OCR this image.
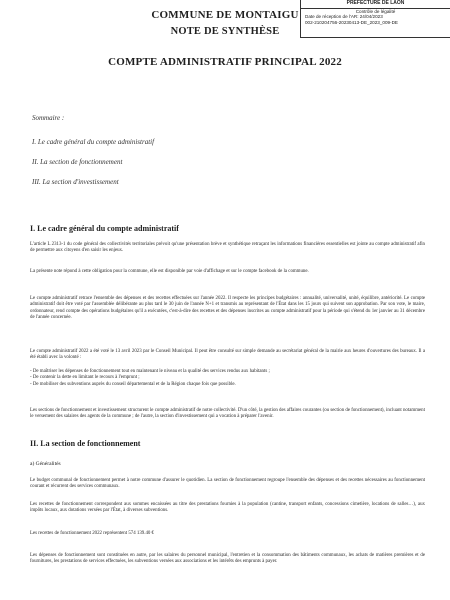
PREFECTURE DE LAON
Contrôle de légalité
Date de réception de l'AR: 24/04/2023
002-210204756-20230413-DE_2023_009-DE
COMMUNE DE MONTAIGU
NOTE DE SYNTHÈSE
COMPTE ADMINISTRATIF PRINCIPAL 2022
Sommaire :
I. Le cadre général du compte administratif
II. La section de fonctionnement
III. La section d'investissement
I. Le cadre général du compte administratif
L'article L 2313-1 du code général des collectivités territoriales prévoit qu'une présentation brève et synthétique retraçant les informations financières essentielles est jointe au compte administratif afin de permettre aux citoyens d'en saisir les enjeux.
La présente note répond à cette obligation pour la commune, elle est disponible par voie d'affichage et sur le compte facebook de la commune.
Le compte administratif retrace l'ensemble des dépenses et des recettes effectuées sur l'année 2022. Il respecte les principes budgétaires : annualité, universalité, unité, équilibre, antériorité. Le compte administratif doit être voté par l'assemblée délibérante au plus tard le 30 juin de l'année N+1 et transmis au représentant de l'État dans les 15 jours qui suivent son approbation. Par son vote, le maire, ordonnateur, rend compte des opérations budgétaires qu'il a exécutées, c'est-à-dire des recettes et des dépenses inscrites au compte administratif pour la période qui s'étend du 1er janvier au 31 décembre de l'année concernée.
Le compte administratif 2022 a été voté le 13 avril 2023 par le Conseil Municipal. Il peut être consulté sur simple demande au secrétariat général de la mairie aux heures d'ouvertures des bureaux. Il a été établi avec la volonté :
- De maîtriser les dépenses de fonctionnement tout en maintenant le niveau et la qualité des services rendus aux habitants ;
- De contenir la dette en limitant le recours à l'emprunt ;
- De mobiliser des subventions auprès du conseil départemental et de la Région chaque fois que possible.
Les sections de fonctionnement et investissement structurent le compte administratif de notre collectivité. D'un côté, la gestion des affaires courantes (ou section de fonctionnement), incluant notamment le versement des salaires des agents de la commune ; de l'autre, la section d'investissement qui a vocation à préparer l'avenir.
II. La section de fonctionnement
a) Généralités
Le budget communal de fonctionnement permet à notre commune d'assurer le quotidien. La section de fonctionnement regroupe l'ensemble des dépenses et des recettes nécessaires au fonctionnement courant et récurrent des services communaux.
Les recettes de fonctionnement correspondent aux sommes encaissées au titre des prestations fournies à la population (cantine, transport enfants, concessions cimetière, locations de salles…), aux impôts locaux, aux dotations versées par l'État, à diverses subventions.
Les recettes de fonctionnement 2022 représentent 574 139.40 €
Les dépenses de fonctionnement sont constituées en autre, par les salaires du personnel municipal, l'entretien et la consommation des bâtiments communaux, les achats de matières premières et de fournitures, les prestations de services effectuées, les subventions versées aux associations et les intérêts des emprunts à payer.
